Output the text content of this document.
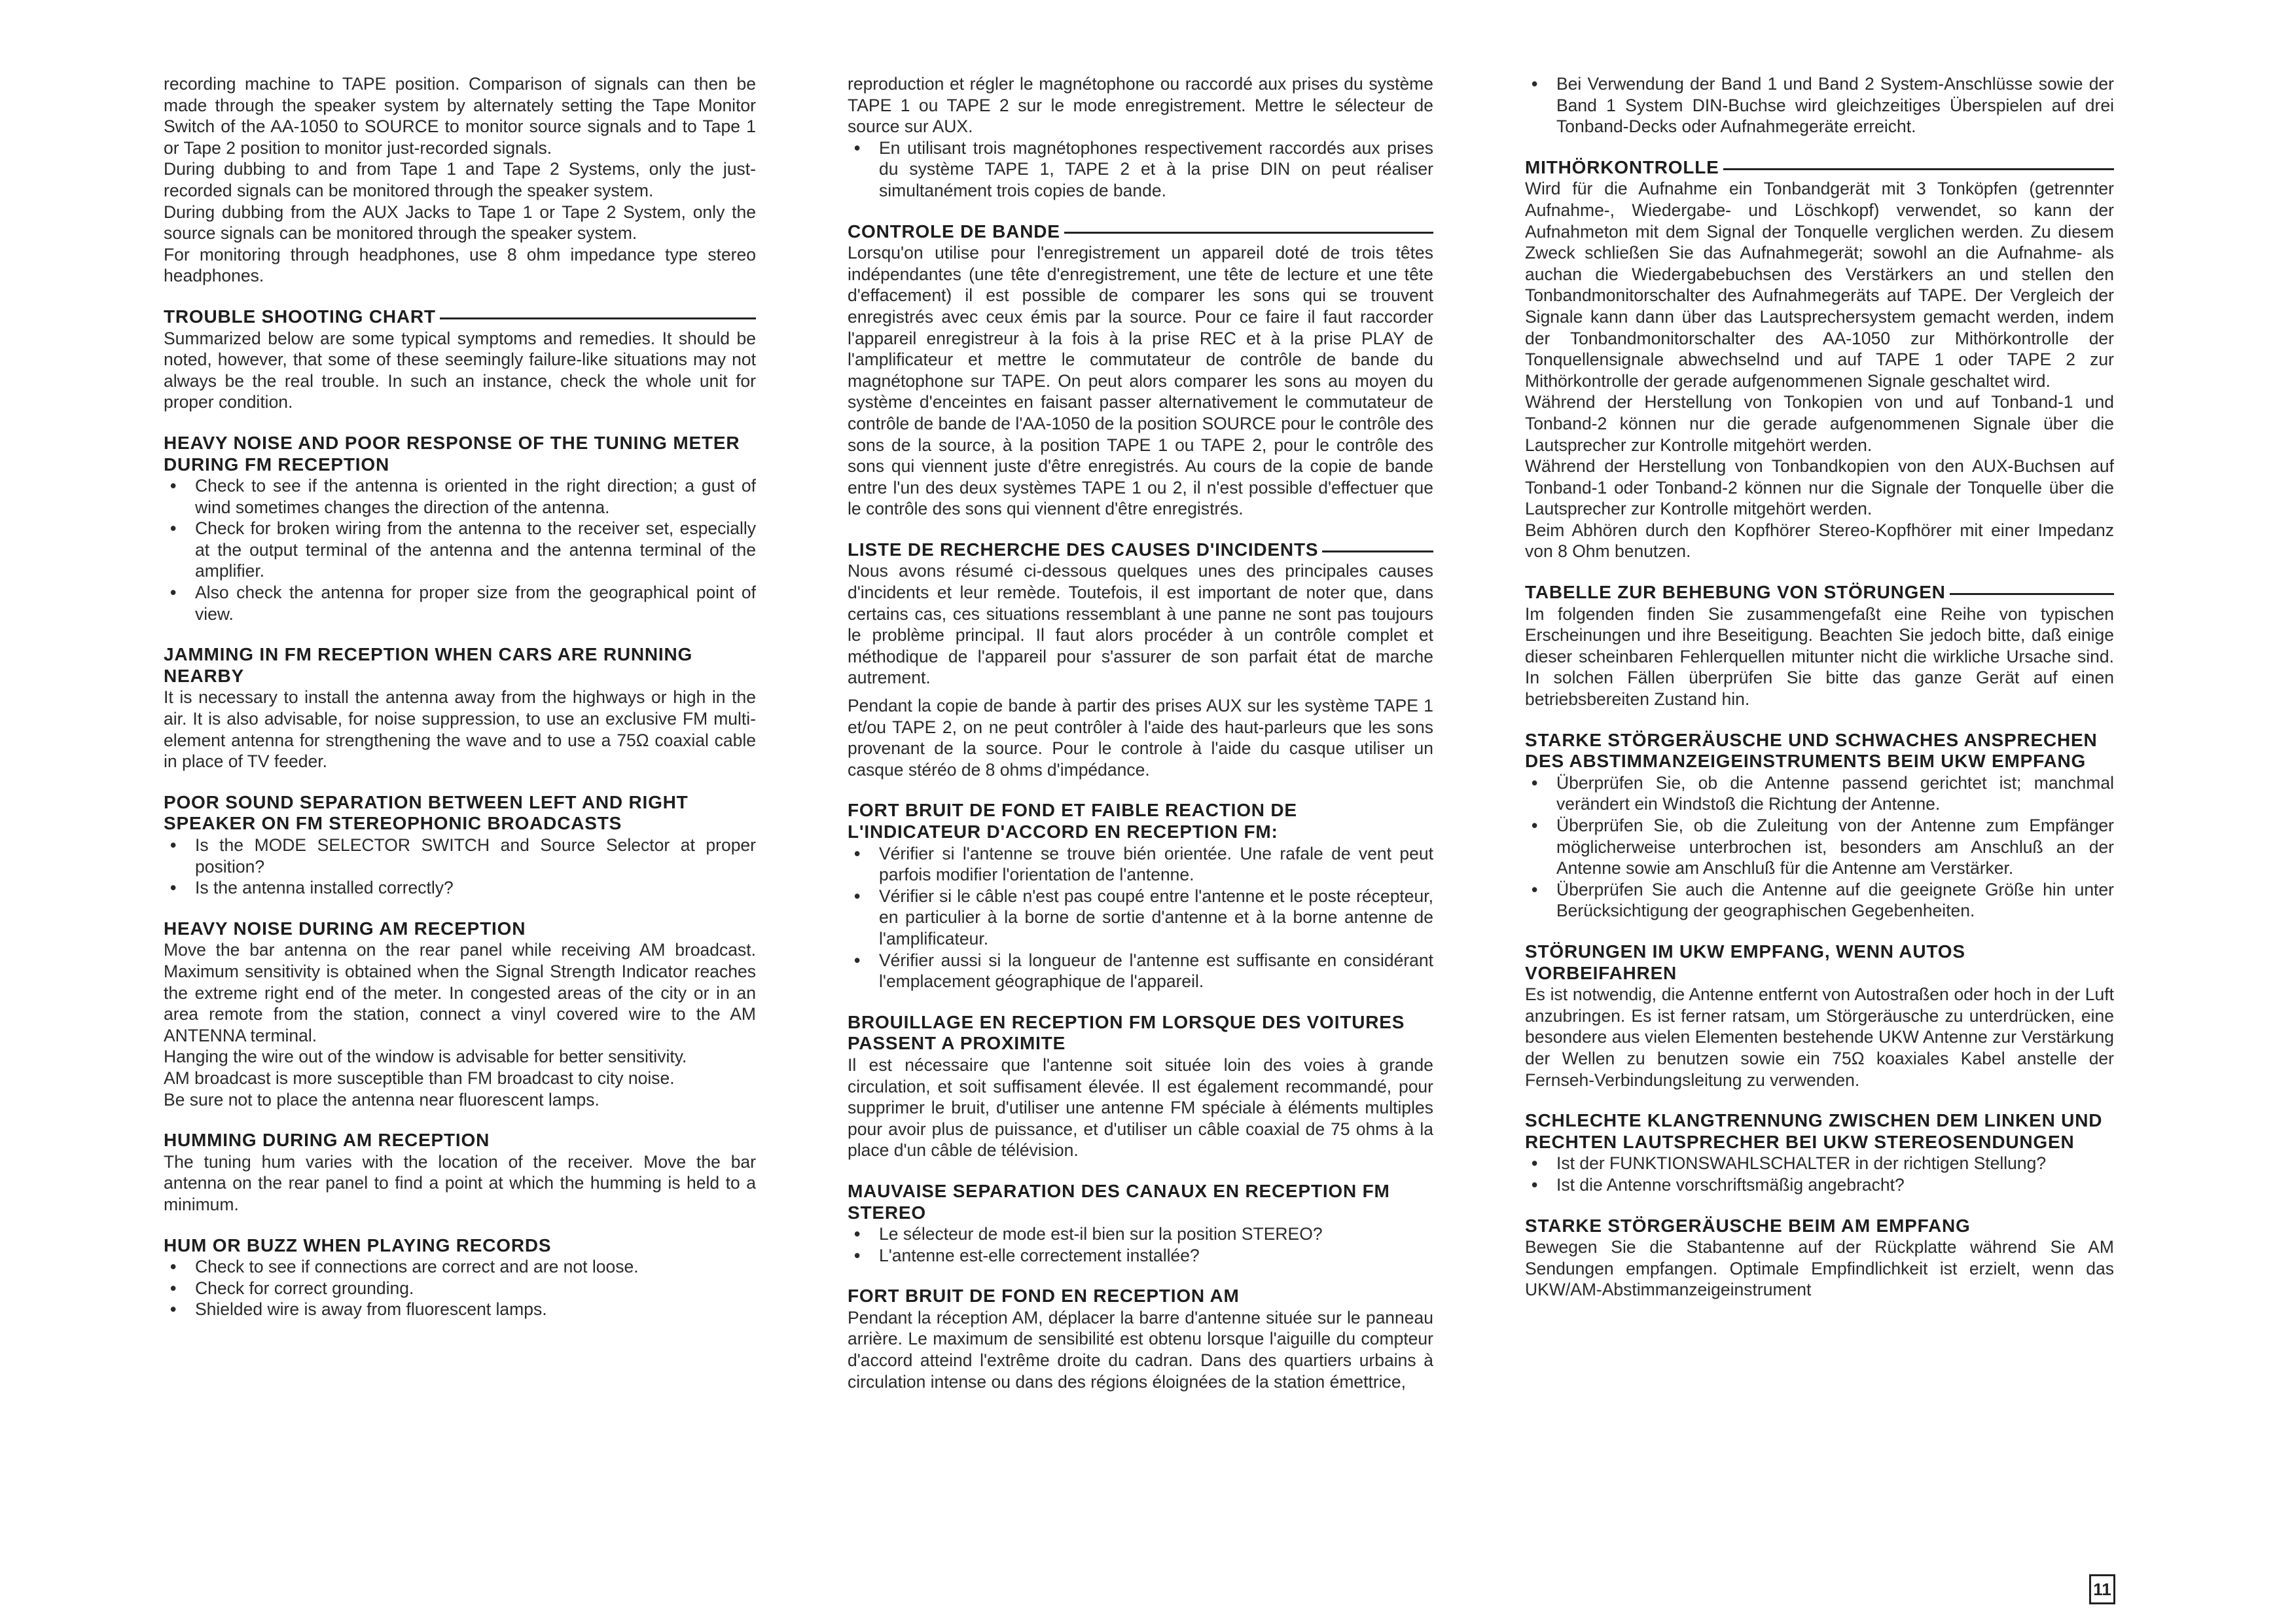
recording machine to TAPE position. Comparison of signals can then be made through the speaker system by alternately setting the Tape Monitor Switch of the AA-1050 to SOURCE to monitor source signals and to Tape 1 or Tape 2 position to monitor just-recorded signals.

During dubbing to and from Tape 1 and Tape 2 Systems, only the just-recorded signals can be monitored through the speaker system.

During dubbing from the AUX Jacks to Tape 1 or Tape 2 System, only the source signals can be monitored through the speaker system.

For monitoring through headphones, use 8 ohm impedance type stereo headphones.

TROUBLE SHOOTING CHART

Summarized below are some typical symptoms and remedies. It should be noted, however, that some of these seemingly failure-like situations may not always be the real trouble. In such an instance, check the whole unit for proper condition.

HEAVY NOISE AND POOR RESPONSE OF THE TUNING METER DURING FM RECEPTION
• Check to see if the antenna is oriented in the right direction; a gust of wind sometimes changes the direction of the antenna.
• Check for broken wiring from the antenna to the receiver set, especially at the output terminal of the antenna and the antenna terminal of the amplifier.
• Also check the antenna for proper size from the geographical point of view.
JAMMING IN FM RECEPTION WHEN CARS ARE RUNNING NEARBY

It is necessary to install the antenna away from the highways or high in the air. It is also advisable, for noise suppression, to use an exclusive FM multi-element antenna for strengthening the wave and to use a 75Ω coaxial cable in place of TV feeder.

POOR SOUND SEPARATION BETWEEN LEFT AND RIGHT SPEAKER ON FM STEREOPHONIC BROADCASTS
• Is the MODE SELECTOR SWITCH and Source Selector at proper position?
• Is the antenna installed correctly?
HEAVY NOISE DURING AM RECEPTION

Move the bar antenna on the rear panel while receiving AM broadcast. Maximum sensitivity is obtained when the Signal Strength Indicator reaches the extreme right end of the meter. In congested areas of the city or in an area remote from the station, connect a vinyl covered wire to the AM ANTENNA terminal.

Hanging the wire out of the window is advisable for better sensitivity.

AM broadcast is more susceptible than FM broadcast to city noise.

Be sure not to place the antenna near fluorescent lamps.

HUMMING DURING AM RECEPTION

The tuning hum varies with the location of the receiver. Move the bar antenna on the rear panel to find a point at which the humming is held to a minimum.

HUM OR BUZZ WHEN PLAYING RECORDS
• Check to see if connections are correct and are not loose.
• Check for correct grounding.
• Shielded wire is away from fluorescent lamps.

reproduction et régler le magnétophone ou raccordé aux prises du système TAPE 1 ou TAPE 2 sur le mode enregistrement. Mettre le sélecteur de source sur AUX.

• En utilisant trois magnétophones respectivement raccordés aux prises du système TAPE 1, TAPE 2 et à la prise DIN on peut réaliser simultanément trois copies de bande.
CONTROLE DE BANDE

Lorsqu'on utilise pour l'enregistrement un appareil doté de trois têtes indépendantes (une tête d'enregistrement, une tête de lecture et une tête d'effacement) il est possible de comparer les sons qui se trouvent enregistrés avec ceux émis par la source. Pour ce faire il faut raccorder l'appareil enregistreur à la fois à la prise REC et à la prise PLAY de l'amplificateur et mettre le commutateur de contrôle de bande du magnétophone sur TAPE. On peut alors comparer les sons au moyen du système d'enceintes en faisant passer alternativement le commutateur de contrôle de bande de l'AA-1050 de la position SOURCE pour le contrôle des sons de la source, à la position TAPE 1 ou TAPE 2, pour le contrôle des sons qui viennent juste d'être enregistrés. Au cours de la copie de bande entre l'un des deux systèmes TAPE 1 ou 2, il n'est possible d'effectuer que le contrôle des sons qui viennent d'être enregistrés.

LISTE DE RECHERCHE DES CAUSES D'INCIDENTS

Nous avons résumé ci-dessous quelques unes des principales causes d'incidents et leur remède. Toutefois, il est important de noter que, dans certains cas, ces situations ressemblant à une panne ne sont pas toujours le problème principal. Il faut alors procéder à un contrôle complet et méthodique de l'appareil pour s'assurer de son parfait état de marche autrement.

Pendant la copie de bande à partir des prises AUX sur les système TAPE 1 et/ou TAPE 2, on ne peut contrôler à l'aide des haut-parleurs que les sons provenant de la source. Pour le controle à l'aide du casque utiliser un casque stéréo de 8 ohms d'impédance.

FORT BRUIT DE FOND ET FAIBLE REACTION DE L'INDICATEUR D'ACCORD EN RECEPTION FM:
• Vérifier si l'antenne se trouve bién orientée. Une rafale de vent peut parfois modifier l'orientation de l'antenne.
• Vérifier si le câble n'est pas coupé entre l'antenne et le poste récepteur, en particulier à la borne de sortie d'antenne et à la borne antenne de l'amplificateur.
• Vérifier aussi si la longueur de l'antenne est suffisante en considérant l'emplacement géographique de l'appareil.
BROUILLAGE EN RECEPTION FM LORSQUE DES VOITURES PASSENT A PROXIMITE

Il est nécessaire que l'antenne soit située loin des voies à grande circulation, et soit suffisament élevée. Il est également recommandé, pour supprimer le bruit, d'utiliser une antenne FM spéciale à éléments multiples pour avoir plus de puissance, et d'utiliser un câble coaxial de 75 ohms à la place d'un câble de télévision.

MAUVAISE SEPARATION DES CANAUX EN RECEPTION FM STEREO
• Le sélecteur de mode est-il bien sur la position STEREO?
• L'antenne est-elle correctement installée?
FORT BRUIT DE FOND EN RECEPTION AM

Pendant la réception AM, déplacer la barre d'antenne située sur le panneau arrière. Le maximum de sensibilité est obtenu lorsque l'aiguille du compteur d'accord atteind l'extrême droite du cadran. Dans des quartiers urbains à circulation intense ou dans des régions éloignées de la station émettrice,

• Bei Verwendung der Band 1 und Band 2 System-Anschlüsse sowie der Band 1 System DIN-Buchse wird gleichzeitiges Überspielen auf drei Tonband-Decks oder Aufnahmegeräte erreicht.
MITHÖRKONTROLLE

Wird für die Aufnahme ein Tonbandgerät mit 3 Tonköpfen (getrennter Aufnahme-, Wiedergabe- und Löschkopf) verwendet, so kann der Aufnahmeton mit dem Signal der Tonquelle verglichen werden. Zu diesem Zweck schließen Sie das Aufnahmegerät; sowohl an die Aufnahme- als auchan die Wiedergabebuchsen des Verstärkers an und stellen den Tonbandmonitorschalter des Aufnahmegeräts auf TAPE. Der Vergleich der Signale kann dann über das Lautsprechersystem gemacht werden, indem der Tonbandmonitorschalter des AA-1050 zur Mithörkontrolle der Tonquellensignale abwechselnd und auf TAPE 1 oder TAPE 2 zur Mithörkontrolle der gerade aufgenommenen Signale geschaltet wird.

Während der Herstellung von Tonkopien von und auf Tonband-1 und Tonband-2 können nur die gerade aufgenommenen Signale über die Lautsprecher zur Kontrolle mitgehört werden.

Während der Herstellung von Tonbandkopien von den AUX-Buchsen auf Tonband-1 oder Tonband-2 können nur die Signale der Tonquelle über die Lautsprecher zur Kontrolle mitgehört werden.

Beim Abhören durch den Kopfhörer Stereo-Kopfhörer mit einer Impedanz von 8 Ohm benutzen.

TABELLE ZUR BEHEBUNG VON STÖRUNGEN

Im folgenden finden Sie zusammengefaßt eine Reihe von typischen Erscheinungen und ihre Beseitigung. Beachten Sie jedoch bitte, daß einige dieser scheinbaren Fehlerquellen mitunter nicht die wirkliche Ursache sind. In solchen Fällen überprüfen Sie bitte das ganze Gerät auf einen betriebsbereiten Zustand hin.

STARKE STÖRGERÄUSCHE UND SCHWACHES ANSPRECHEN DES ABSTIMMANZEIGEINSTRUMENTS BEIM UKW EMPFANG
• Überprüfen Sie, ob die Antenne passend gerichtet ist; manchmal verändert ein Windstoß die Richtung der Antenne.
• Überprüfen Sie, ob die Zuleitung von der Antenne zum Empfänger möglicherweise unterbrochen ist, besonders am Anschluß an der Antenne sowie am Anschluß für die Antenne am Verstärker.
• Überprüfen Sie auch die Antenne auf die geeignete Größe hin unter Berücksichtigung der geographischen Gegebenheiten.
STÖRUNGEN IM UKW EMPFANG, WENN AUTOS VORBEIFAHREN

Es ist notwendig, die Antenne entfernt von Autostraßen oder hoch in der Luft anzubringen. Es ist ferner ratsam, um Störgeräusche zu unterdrücken, eine besondere aus vielen Elementen bestehende UKW Antenne zur Verstärkung der Wellen zu benutzen sowie ein 75Ω koaxiales Kabel anstelle der Fernseh-Verbindungsleitung zu verwenden.

SCHLECHTE KLANGTRENNUNG ZWISCHEN DEM LINKEN UND RECHTEN LAUTSPRECHER BEI UKW STEREOSENDUNGEN
• Ist der FUNKTIONSWAHLSCHALTER in der richtigen Stellung?
• Ist die Antenne vorschriftsmäßig angebracht?
STARKE STÖRGERÄUSCHE BEIM AM EMPFANG

Bewegen Sie die Stabantenne auf der Rückplatte während Sie AM Sendungen empfangen. Optimale Empfindlichkeit ist erzielt, wenn das UKW/AM-Abstimmanzeigeinstrument

11
